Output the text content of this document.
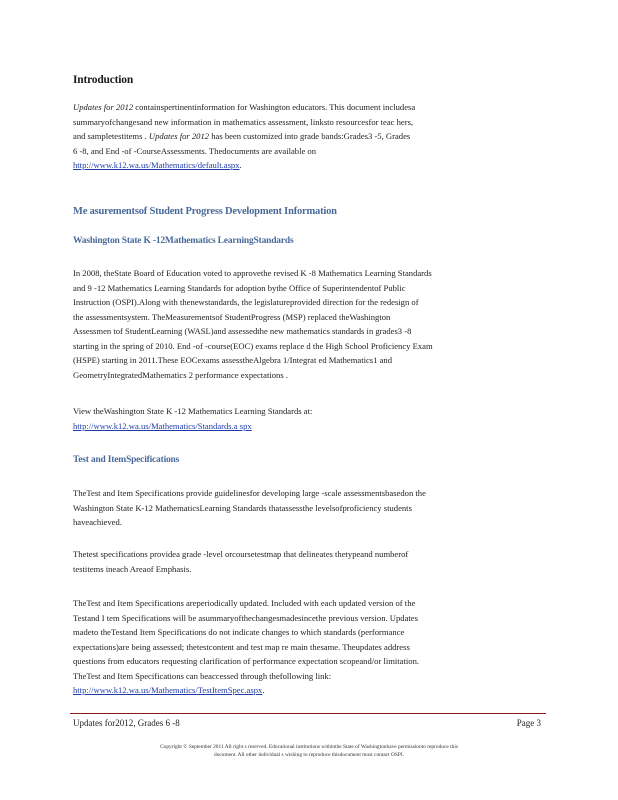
Introduction
Updates for 2012 containspertinentinformation for Washington educators. This document includesa
summaryofchangesand new information in mathematics assessment, linksto resourcesfor teac hers,
and sampletestitems . Updates for 2012 has been customized into grade bands:Grades3 -5, Grades
6 -8, and End -of -CourseAssessments. Thedocuments are available on
http://www.k12.wa.us/Mathematics/default.aspx.
Me asurementsof Student Progress Development Information
Washington State K -12Mathematics LearningStandards
In 2008, theState Board of Education voted to approvethe revised K -8 Mathematics Learning Standards
and 9 -12 Mathematics Learning Standards for adoption bythe Office of Superintendentof Public
Instruction (OSPI).Along with thenewstandards, the legislatureprovided direction for the redesign of
the assessmentsystem. TheMeasurementsof StudentProgress (MSP) replaced theWashington
Assessmen tof StudentLearning (WASL)and assessedthe new mathematics standards in grades3 -8
starting in the spring of 2010. End -of -course(EOC) exams replace d the High School Proficiency Exam
(HSPE) starting in 2011.These EOCexams assesstheAlgebra 1/Integrat ed Mathematics1 and
GeometryIntegratedMathematics 2 performance expectations .
View theWashington State K -12 Mathematics Learning Standards at:
http://www.k12.wa.us/Mathematics/Standards.a spx
Test and ItemSpecifications
TheTest and Item Specifications provide guidelinesfor developing large -scale assessmentsbasedon the
Washington State K-12 MathematicsLearning Standards thatassessthe levelsofproficiency students
haveachieved.
Thetest specifications providea grade -level orcoursetestmap that delineates thetypeand numberof
testitems ineach Areaof Emphasis.
TheTest and Item Specifications areperiodically updated. Included with each updated version of the
Testand I tem Specifications will be asummaryofthechangesmadesincethe previous version. Updates
madeto theTestand Item Specifications do not indicate changes to which standards (performance
expectations)are being assessed; thetestcontent and test map re main thesame. Theupdates address
questions from educators requesting clarification of performance expectation scopeand/or limitation.
TheTest and Item Specifications can beaccessed through thefollowing link:
http://www.k12.wa.us/Mathematics/TestItemSpec.aspx.
Updates for2012, Grades 6 -8	Page 3
Copyright © September 2011 All right s reserved. Educational institutions withinthe State of Washingtonhave permissionto reproduce this
document. All other individual s wishing to reproduce thisdocument must contact OSPI.
